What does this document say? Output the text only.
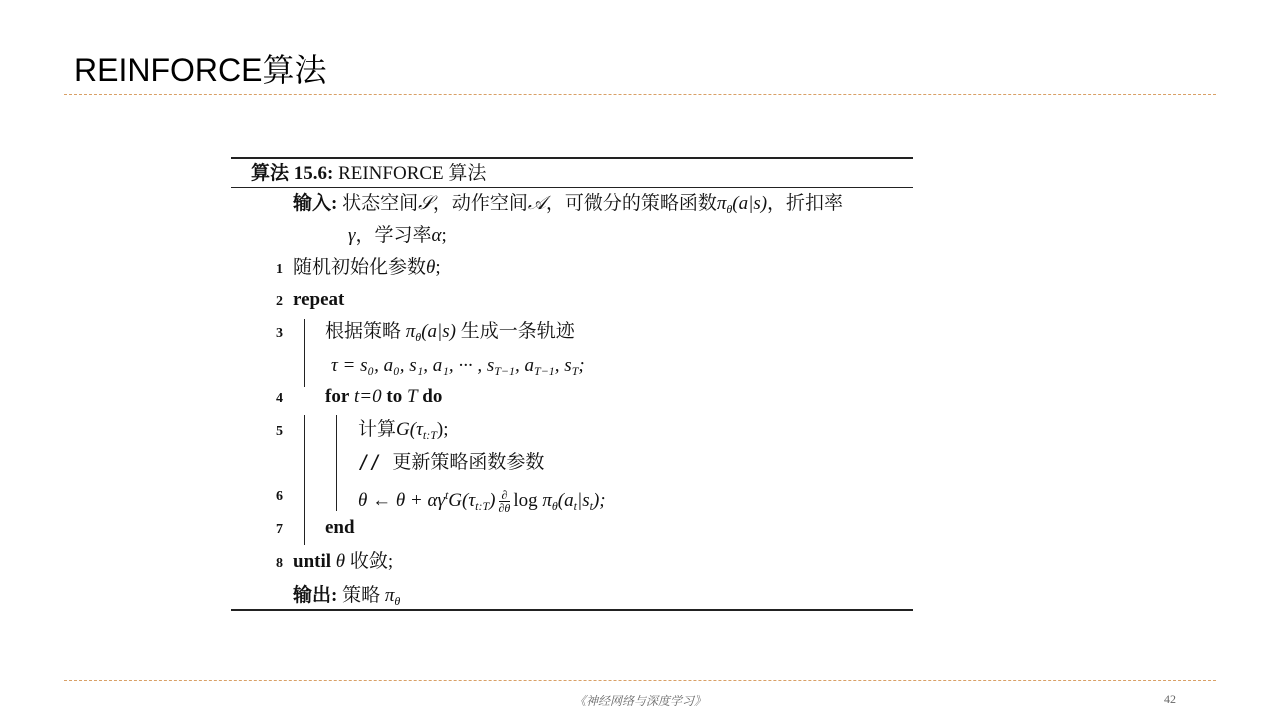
REINFORCE算法
算法 15.6: REINFORCE 算法
输入: 状态空间𝒮，动作空间𝒜，可微分的策略函数$\pi_\theta(a|s)$，折扣率
γ，学习率α;
1 随机初始化参数θ;
2 repeat
3 根据策略 $\pi_\theta(a|s)$ 生成一条轨迹
τ = s₀, a₀, s₁, a₁, ··· , $s_{T-1}$, $a_{T-1}$, $s_T$;
4 for t=0 to T do
5	计算$G(\tau_{t:T})$;
// 更新策略函数参数
6	θ ← $\theta + \alpha\gamma^tG(\tau_{t:T}) \frac{\partial}{\partial\theta}$ $\log \pi_\theta(a_t|s_t)$;
7 end
8 until θ 收敛;
输出: 策略 $\pi_\theta$
《神经网络与深度学习》	42
